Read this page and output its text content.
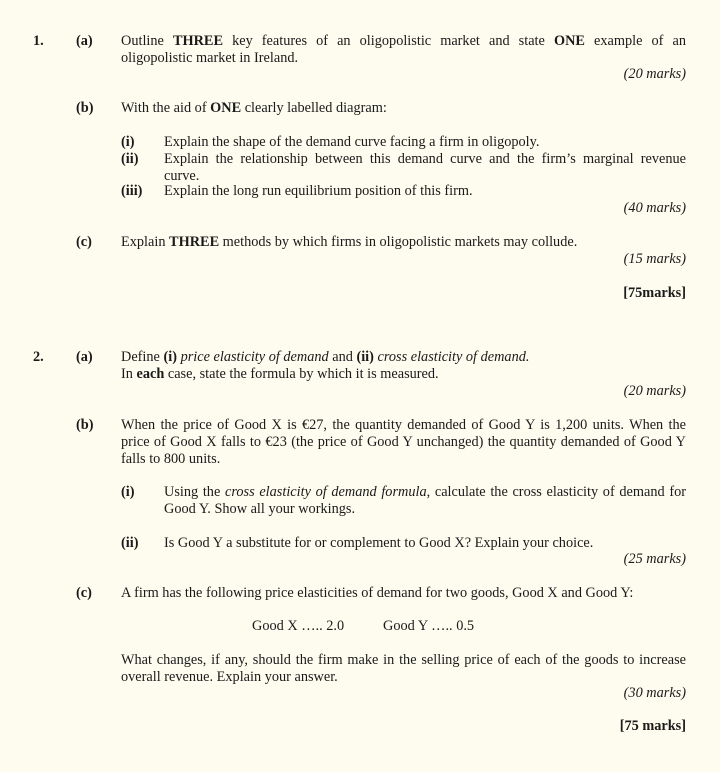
1. (a) Outline THREE key features of an oligopolistic market and state ONE example of an
oligopolistic market in Ireland.
(20 marks)
(b) With the aid of ONE clearly labelled diagram:
(i) Explain the shape of the demand curve facing a firm in oligopoly.
(ii) Explain the relationship between this demand curve and the firm’s marginal revenue
curve.
(iii) Explain the long run equilibrium position of this firm.
(40 marks)
(c) Explain THREE methods by which firms in oligopolistic markets may collude.
(15 marks)
[75marks]
2. (a) Define (i) price elasticity of demand and (ii) cross elasticity of demand.
In each case, state the formula by which it is measured.
(20 marks)
(b) When the price of Good X is €27, the quantity demanded of Good Y is 1,200 units. When the
price of Good X falls to €23 (the price of Good Y unchanged) the quantity demanded of Good Y
falls to 800 units.
(i) Using the cross elasticity of demand formula, calculate the cross elasticity of demand for
Good Y. Show all your workings.
(ii) Is Good Y a substitute for or complement to Good X? Explain your choice.
(25 marks)
(c) A firm has the following price elasticities of demand for two goods, Good X and Good Y:
Good X ….. 2.0	Good Y ….. 0.5
What changes, if any, should the firm make in the selling price of each of the goods to increase
overall revenue. Explain your answer.
(30 marks)
[75 marks]
